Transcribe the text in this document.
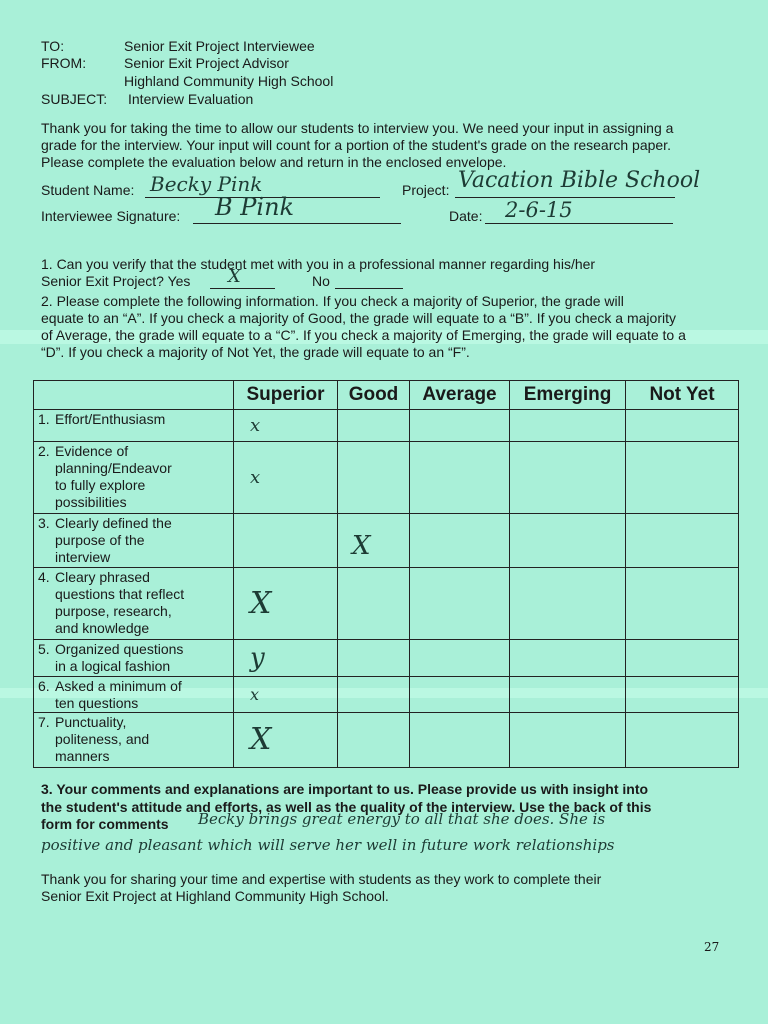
TO:	Senior Exit Project Interviewee
FROM:	Senior Exit Project Advisor
Highland Community High School
SUBJECT: Interview Evaluation
Thank you for taking the time to allow our students to interview you. We need your input in assigning a
grade for the interview. Your input will count for a portion of the student's grade on the research paper.
Please complete the evaluation below and return in the enclosed envelope.
Student Name: Becky Pink	Project: Vacation Bible School
Interviewee Signature: B Pink	Date: 2-6-15
1. Can you verify that the student met with you in a professional manner regarding his/her
Senior Exit Project? Yes X	No
2. Please complete the following information. If you check a majority of Superior, the grade will
equate to an “A”. If you check a majority of Good, the grade will equate to a “B”. If you check a majority
of Average, the grade will equate to a “C”. If you check a majority of Emerging, the grade will equate to a
“D”. If you check a majority of Not Yet, the grade will equate to an “F”.
	Superior	Good	Average	Emerging	Not Yet

1. Effort/Enthusiasm	x				

2. Evidence of
planning/Endeavor
to fully explore
possibilities	x				

3. Clearly defined the
purpose of the
interview		X			

4. Cleary phrased
questions that reflect
purpose, research,
and knowledge	X				

5. Organized questions
in a logical fashion	y				

6. Asked a minimum of
ten questions	x				

7. Punctuality,
politeness, and
manners	X				

3. Your comments and explanations are important to us. Please provide us with insight into
the student's attitude and efforts, as well as the quality of the interview. Use the back of this
form for comments Becky brings great energy to all that she does. She is
positive and pleasant which will serve her well in future work relationships
Thank you for sharing your time and expertise with students as they work to complete their
Senior Exit Project at Highland Community High School.
27
